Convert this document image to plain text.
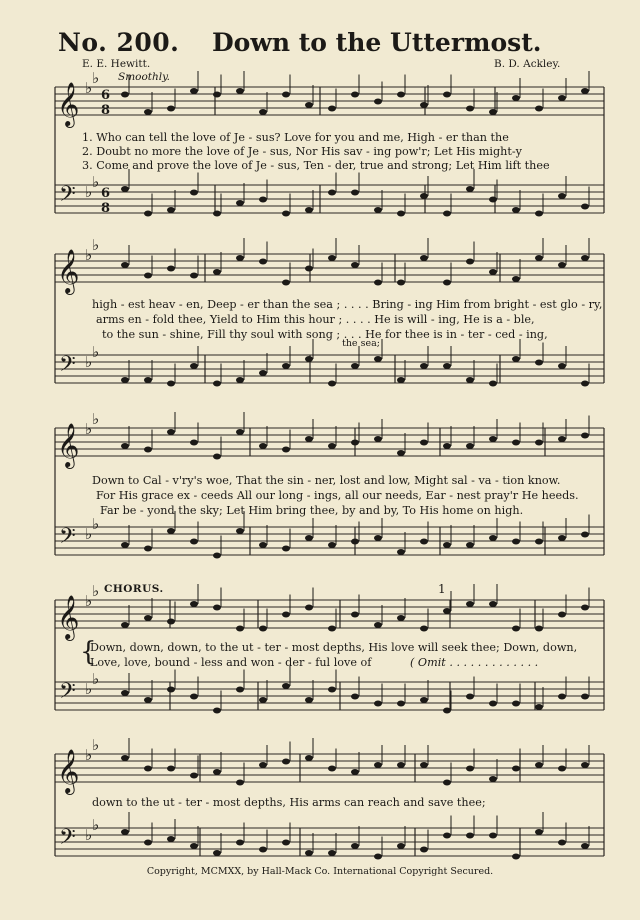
No. 200. Down to the Uttermost.
E. E. Hewitt.	B. D. Ackley.
Smoothly.
𝄞
𝄢
♭
♭
♭
♭
6
8
6
8
𝄞
𝄢
♭
♭
♭
♭
𝄞
𝄢
♭
♭
♭
♭
𝄞
𝄢
♭
♭
♭
♭
𝄞
𝄢
♭
♭
♭
♭
1. Who can tell the love of Je - sus? Love for you and me, High - er than the
2. Doubt no more the love of Je - sus, Nor His sav - ing pow'r; Let His might-y
3. Come and prove the love of Je - sus, Ten - der, true and strong; Let Him lift thee
high - est heav - en, Deep - er than the sea ; . . . . Bring - ing Him from bright - est glo - ry,
arms en - fold thee, Yield to Him this hour ; . . . . He is will - ing, He is a - ble,
to the sun - shine, Fill thy soul with song ; . . . He for thee is in - ter - ced - ing,
the sea;
Down to Cal - v'ry's woe, That the sin - ner, lost and low, Might sal - va - tion know.
For His grace ex - ceeds All our long - ings, all our needs, Ear - nest pray'r He heeds.
Far be - yond the sky; Let Him bring thee, by and by, To His home on high.
CHORUS.	1
{
Down, down, down, to the ut - ter - most depths, His love will seek thee; Down, down,
Love, love, bound - less and won - der - ful love of	( Omit . . . . . . . . . . . . .
down to the ut - ter - most depths, His arms can reach and save thee;
Copyright, MCMXX, by Hall-Mack Co. International Copyright Secured.
